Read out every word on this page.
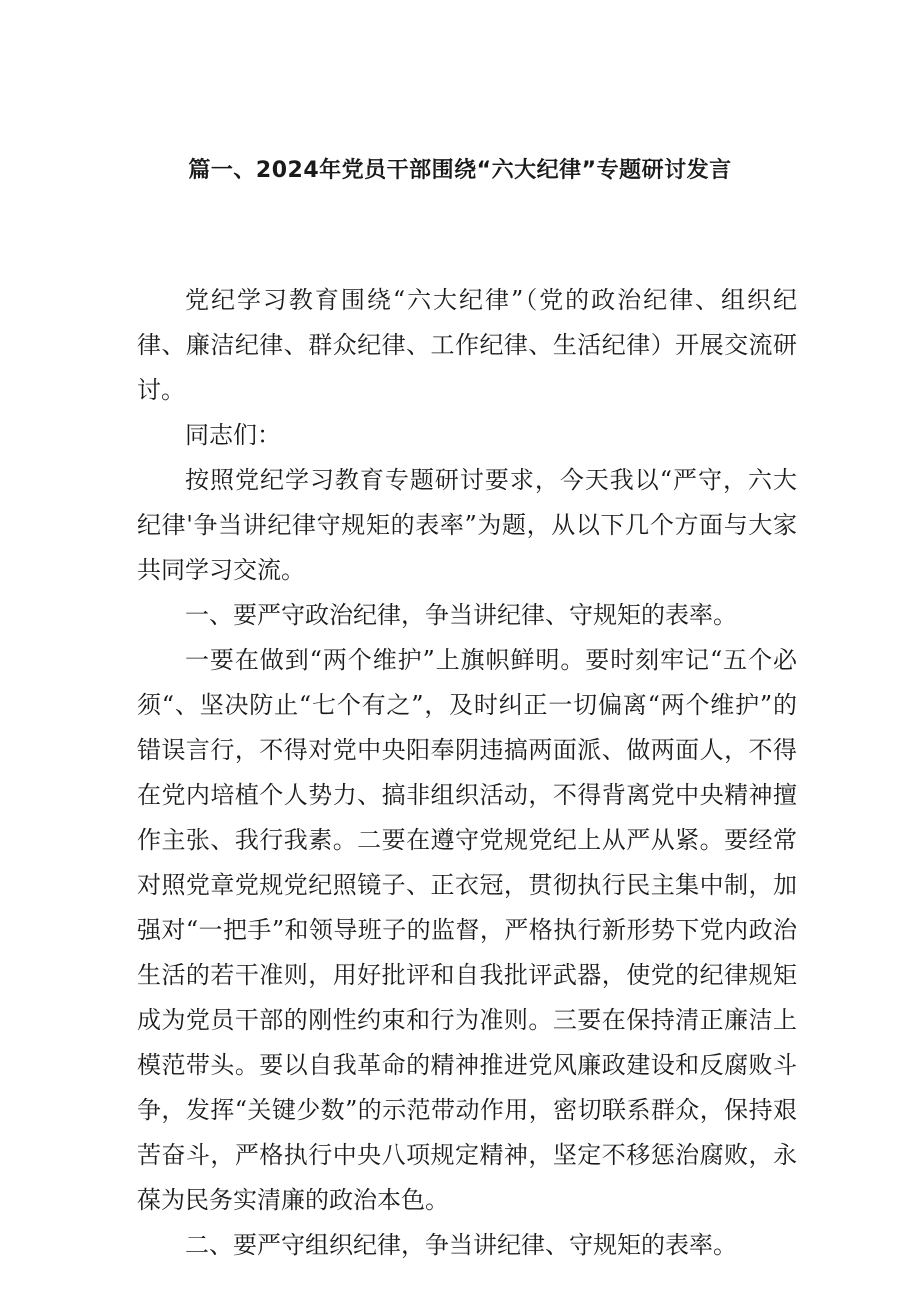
篇一、2024年党员干部围绕“六大纪律”专题研讨发言

党纪学习教育围绕“六大纪律”（党的政治纪律、组织纪律、廉洁纪律、群众纪律、工作纪律、生活纪律）开展交流研讨。

同志们：

按照党纪学习教育专题研讨要求，今天我以“严守，六大纪律'争当讲纪律守规矩的表率”为题，从以下几个方面与大家共同学习交流。

一、要严守政治纪律，争当讲纪律、守规矩的表率。

一要在做到“两个维护”上旗帜鲜明。要时刻牢记“五个必须“、坚决防止“七个有之”，及时纠正一切偏离“两个维护”的错误言行，不得对党中央阳奉阴违搞两面派、做两面人，不得在党内培植个人势力、搞非组织活动，不得背离党中央精神擅作主张、我行我素。二要在遵守党规党纪上从严从紧。要经常对照党章党规党纪照镜子、正衣冠，贯彻执行民主集中制，加强对“一把手”和领导班子的监督，严格执行新形势下党内政治生活的若干准则，用好批评和自我批评武器，使党的纪律规矩成为党员干部的刚性约束和行为准则。三要在保持清正廉洁上模范带头。要以自我革命的精神推进党风廉政建设和反腐败斗争，发挥“关键少数”的示范带动作用，密切联系群众，保持艰苦奋斗，严格执行中央八项规定精神，坚定不移惩治腐败，永葆为民务实清廉的政治本色。

二、要严守组织纪律，争当讲纪律、守规矩的表率。
